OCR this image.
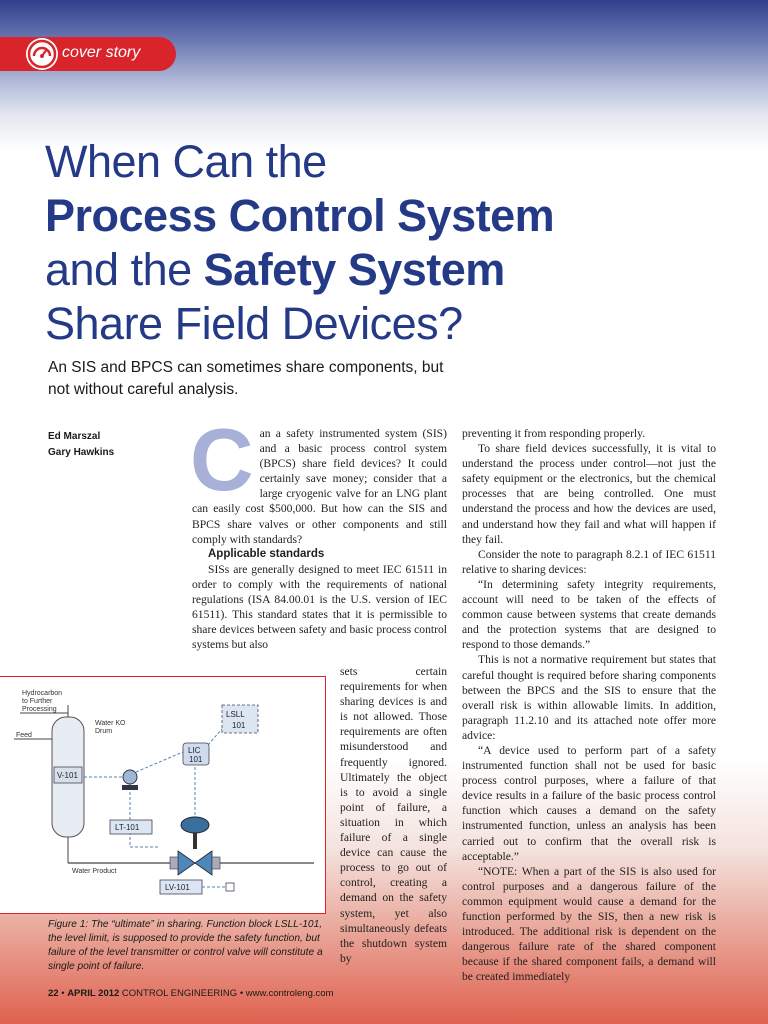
cover story
When Can the
Process Control System
and the Safety System
Share Field Devices?
An SIS and BPCS can sometimes share components, but not without careful analysis.
Ed Marszal
Gary Hawkins C an a safety instrumented system (SIS) and a basic process control system (BPCS) share field devices? It could certainly save money; consider that a large cryogenic valve for an LNG plant can easily cost $500,000. But how can the SIS and BPCS share valves or other components and still comply with standards?

Applicable standards

SISs are generally designed to meet IEC 61511 in order to comply with the requirements of national regulations (ISA 84.00.01 is the U.S. version of IEC 61511). This standard states that it is permissible to share devices between safety and basic process control systems but also

sets certain requirements for when sharing devices is and is not allowed. Those requirements are often misunderstood and frequently ignored. Ultimately the object is to avoid a single point of failure, a situation in which failure of a single device can cause the process to go out of control, creating a demand on the safety system, yet also simultaneously defeats the shutdown system by

preventing it from responding properly.

To share field devices successfully, it is vital to understand the process under control—not just the safety equipment or the electronics, but the chemical processes that are being controlled. One must understand the process and how the devices are used, and understand how they fail and what will happen if they fail.

Consider the note to paragraph 8.2.1 of IEC 61511 relative to sharing devices:

“In determining safety integrity requirements, account will need to be taken of the effects of common cause between systems that create demands and the protection systems that are designed to respond to those demands.”

This is not a normative requirement but states that careful thought is required before sharing components between the BPCS and the SIS to ensure that the overall risk is within allowable limits. In addition, paragraph 11.2.10 and its attached note offer more advice:

“A device used to perform part of a safety instrumented function shall not be used for basic process control purposes, where a failure of that device results in a failure of the basic process control function which causes a demand on the safety instrumented function, unless an analysis has been carried out to confirm that the overall risk is acceptable.”

“NOTE: When a part of the SIS is also used for control purposes and a dangerous failure of the common equipment would cause a demand for the function performed by the SIS, then a new risk is introduced. The additional risk is dependent on the dangerous failure rate of the shared component because if the shared component fails, a demand will be created immediately

Hydrocarbon
to Further
Processing
Water KO
Drum
Feed
Water Product
V-101
LT-101
LIC
101
LSLL
101
LV-101
Figure 1: The “ultimate” in sharing. Function block LSLL-101, the level limit, is supposed to provide the safety function, but failure of the level transmitter or control valve will constitute a single point of failure.
22 • APRIL 2012 CONTROL ENGINEERING • www.controleng.com
